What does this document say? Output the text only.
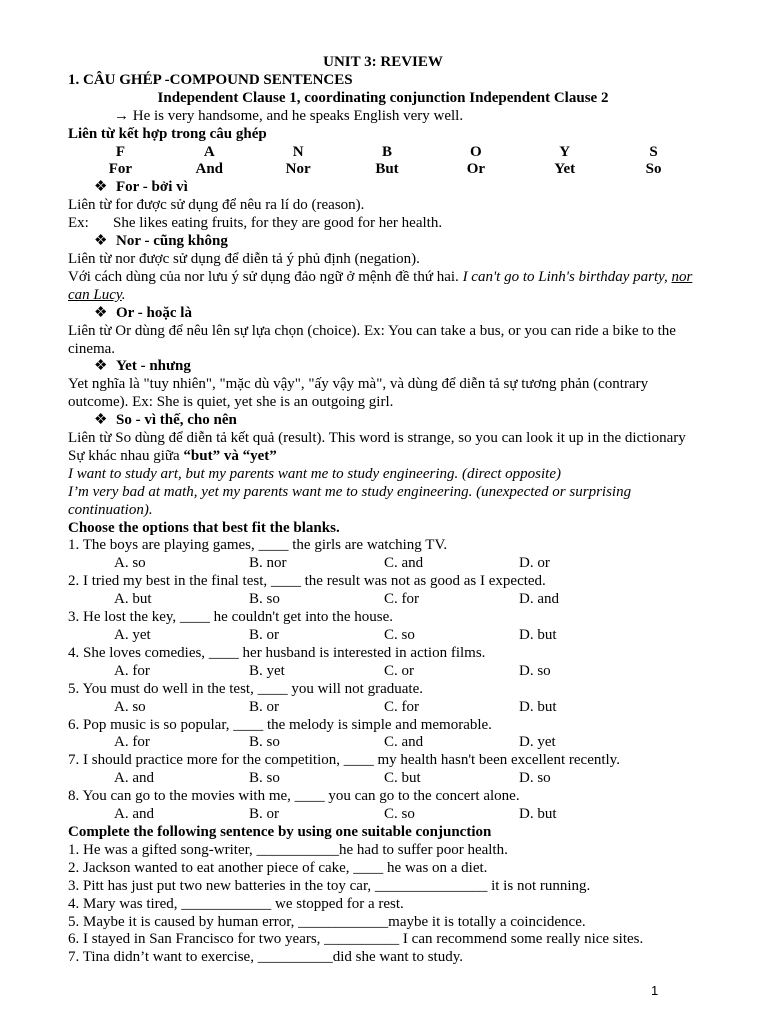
UNIT 3: REVIEW
1. CÂU GHÉP -COMPOUND SENTENCES
Independent Clause 1, coordinating conjunction Independent Clause 2
→ He is very handsome, and he speaks English very well.
Liên từ kết hợp trong câu ghép
F	A	N	B	O	Y	S
For	And	Nor	But	Or	Yet	So
❖ For - bởi vì
Liên từ for được sử dụng để nêu ra lí do (reason).
Ex: She likes eating fruits, for they are good for her health.
❖ Nor - cũng không
Liên từ nor được sử dụng để diễn tả ý phủ định (negation).
Với cách dùng của nor lưu ý sử dụng đảo ngữ ở mệnh đề thứ hai. I can't go to Linh's birthday party, nor can Lucy.
❖ Or - hoặc là
Liên từ Or dùng để nêu lên sự lựa chọn (choice). Ex: You can take a bus, or you can ride a bike to the
cinema.
❖ Yet - nhưng
Yet nghĩa là "tuy nhiên", "mặc dù vậy", "ấy vậy mà", và dùng để diễn tả sự tương phản (contrary
outcome). Ex: She is quiet, yet she is an outgoing girl.
❖ So - vì thế, cho nên
Liên từ So dùng để diễn tả kết quả (result). This word is strange, so you can look it up in the dictionary
Sự khác nhau giữa “but” và “yet”
I want to study art, but my parents want me to study engineering. (direct opposite)
I’m very bad at math, yet my parents want me to study engineering. (unexpected or surprising
continuation).
Choose the options that best fit the blanks.
1. The boys are playing games, ____ the girls are watching TV.
A. so	B. nor	C. and	D. or
2. I tried my best in the final test, ____ the result was not as good as I expected.
A. but	B. so	C. for	D. and
3. He lost the key, ____ he couldn't get into the house.
A. yet	B. or	C. so	D. but
4. She loves comedies, ____ her husband is interested in action films.
A. for	B. yet	C. or	D. so
5. You must do well in the test, ____ you will not graduate.
A. so	B. or	C. for	D. but
6. Pop music is so popular, ____ the melody is simple and memorable.
A. for	B. so	C. and	D. yet
7. I should practice more for the competition, ____ my health hasn't been excellent recently.
A. and	B. so	C. but	D. so
8. You can go to the movies with me, ____ you can go to the concert alone.
A. and	B. or	C. so	D. but
Complete the following sentence by using one suitable conjunction
1. He was a gifted song-writer, ___________he had to suffer poor health.
2. Jackson wanted to eat another piece of cake, ____ he was on a diet.
3. Pitt has just put two new batteries in the toy car, _______________ it is not running.
4. Mary was tired, ____________ we stopped for a rest.
5. Maybe it is caused by human error, ____________maybe it is totally a coincidence.
6. I stayed in San Francisco for two years, __________ I can recommend some really nice sites.
7. Tina didn’t want to exercise, __________did she want to study.
1
